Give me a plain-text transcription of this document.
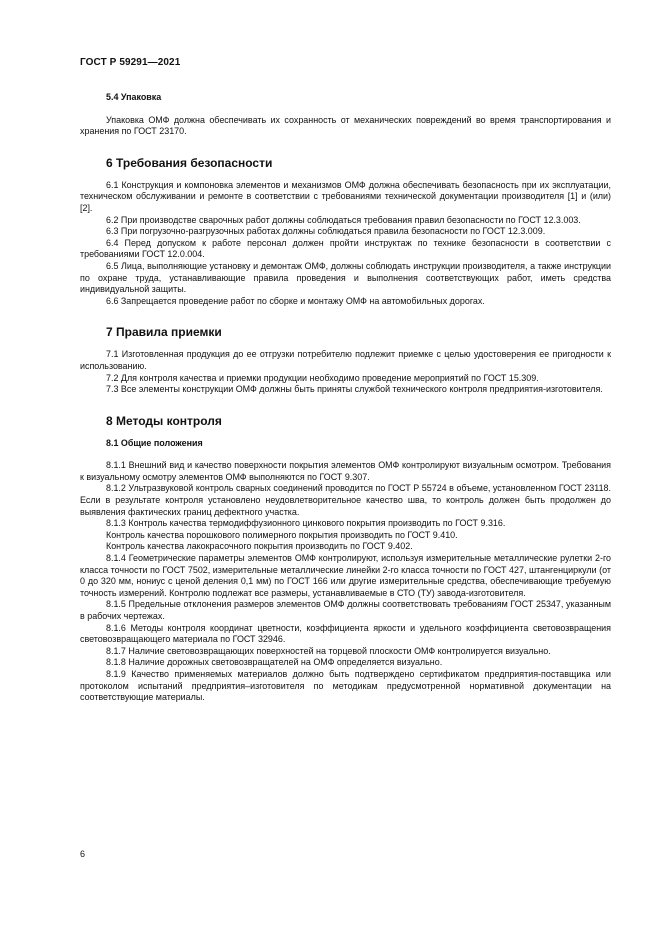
ГОСТ Р 59291—2021
5.4 Упаковка

Упаковка ОМФ должна обеспечивать их сохранность от механических повреждений во время транспортирования и хранения по ГОСТ 23170.

6 Требования безопасности

6.1 Конструкция и компоновка элементов и механизмов ОМФ должна обеспечивать безопасность при их эксплуатации, техническом обслуживании и ремонте в соответствии с требованиями технической документации производителя [1] и (или) [2].

6.2 При производстве сварочных работ должны соблюдаться требования правил безопасности по ГОСТ 12.3.003.

6.3 При погрузочно-разгрузочных работах должны соблюдаться правила безопасности по ГОСТ 12.3.009.

6.4 Перед допуском к работе персонал должен пройти инструктаж по технике безопасности в соответствии с требованиями ГОСТ 12.0.004.

6.5 Лица, выполняющие установку и демонтаж ОМФ, должны соблюдать инструкции производителя, а также инструкции по охране труда, устанавливающие правила проведения и выполнения соответствующих работ, иметь средства индивидуальной защиты.

6.6 Запрещается проведение работ по сборке и монтажу ОМФ на автомобильных дорогах.

7 Правила приемки

7.1 Изготовленная продукция до ее отгрузки потребителю подлежит приемке с целью удостоверения ее пригодности к использованию.

7.2 Для контроля качества и приемки продукции необходимо проведение мероприятий по ГОСТ 15.309.

7.3 Все элементы конструкции ОМФ должны быть приняты службой технического контроля предприятия-изготовителя.

8 Методы контроля
8.1 Общие положения

8.1.1 Внешний вид и качество поверхности покрытия элементов ОМФ контролируют визуальным осмотром. Требования к визуальному осмотру элементов ОМФ выполняются по ГОСТ 9.307.

8.1.2 Ультразвуковой контроль сварных соединений проводится по ГОСТ Р 55724 в объеме, установленном ГОСТ 23118. Если в результате контроля установлено неудовлетворительное качество шва, то контроль должен быть продолжен до выявления фактических границ дефектного участка.

8.1.3 Контроль качества термодиффузионного цинкового покрытия производить по ГОСТ 9.316.

Контроль качества порошкового полимерного покрытия производить по ГОСТ 9.410.

Контроль качества лакокрасочного покрытия производить по ГОСТ 9.402.

8.1.4 Геометрические параметры элементов ОМФ контролируют, используя измерительные металлические рулетки 2-го класса точности по ГОСТ 7502, измерительные металлические линейки 2-го класса точности по ГОСТ 427, штангенциркули (от 0 до 320 мм, нониус с ценой деления 0,1 мм) по ГОСТ 166 или другие измерительные средства, обеспечивающие требуемую точность измерений. Контролю подлежат все размеры, устанавливаемые в СТО (ТУ) завода-изготовителя.

8.1.5 Предельные отклонения размеров элементов ОМФ должны соответствовать требованиям ГОСТ 25347, указанным в рабочих чертежах.

8.1.6 Методы контроля координат цветности, коэффициента яркости и удельного коэффициента световозвращения световозвращающего материала по ГОСТ 32946.

8.1.7 Наличие световозвращающих поверхностей на торцевой плоскости ОМФ контролируется визуально.

8.1.8 Наличие дорожных световозвращателей на ОМФ определяется визуально.

8.1.9 Качество применяемых материалов должно быть подтверждено сертификатом предприятия-поставщика или протоколом испытаний предприятия–изготовителя по методикам предусмотренной нормативной документации на соответствующие материалы.

6
